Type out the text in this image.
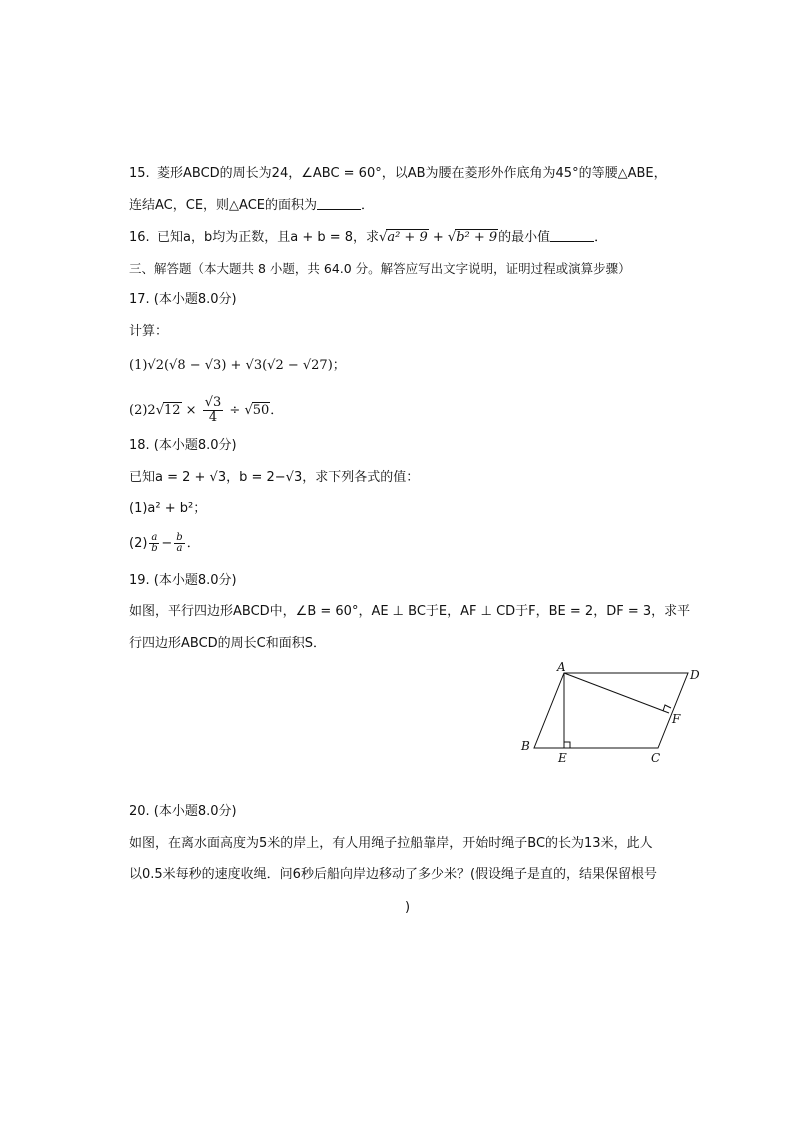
15. 菱形ABCD的周长为24，∠ABC = 60°，以AB为腰在菱形外作底角为45°的等腰△ABE，
连结AC，CE，则△ACE的面积为	．
16. 已知a，b均为正数，且a + b = 8，求√a² + 9 + √b² + 9的最小值	．
三、解答题（本大题共 8 小题，共 64.0 分。解答应写出文字说明，证明过程或演算步骤）
17. (本小题8.0分)
计算：
(1)√2(√8 − √3) + √3(√2 − √27)；
$(2)2√12 \times \frac{√3}{4} \div √50$．
18. (本小题8.0分)
已知a = 2 + √3，b = 2−√3，求下列各式的值：
(1)a² + b²；
$(2) \frac{a}{b} - \frac{b}{a}$ ．
19. (本小题8.0分)
如图，平行四边形ABCD中，∠B = 60°，AE ⊥ BC于E，AF ⊥ CD于F，BE = 2，DF = 3，求平
行四边形ABCD的周长C和面积S．
A
D
F
B
E	C
20. (本小题8.0分)
如图，在离水面高度为5米的岸上，有人用绳子拉船靠岸，开始时绳子BC的长为13米，此人
以0.5米每秒的速度收绳．问6秒后船向岸边移动了多少米？(假设绳子是直的，结果保留根号
)
